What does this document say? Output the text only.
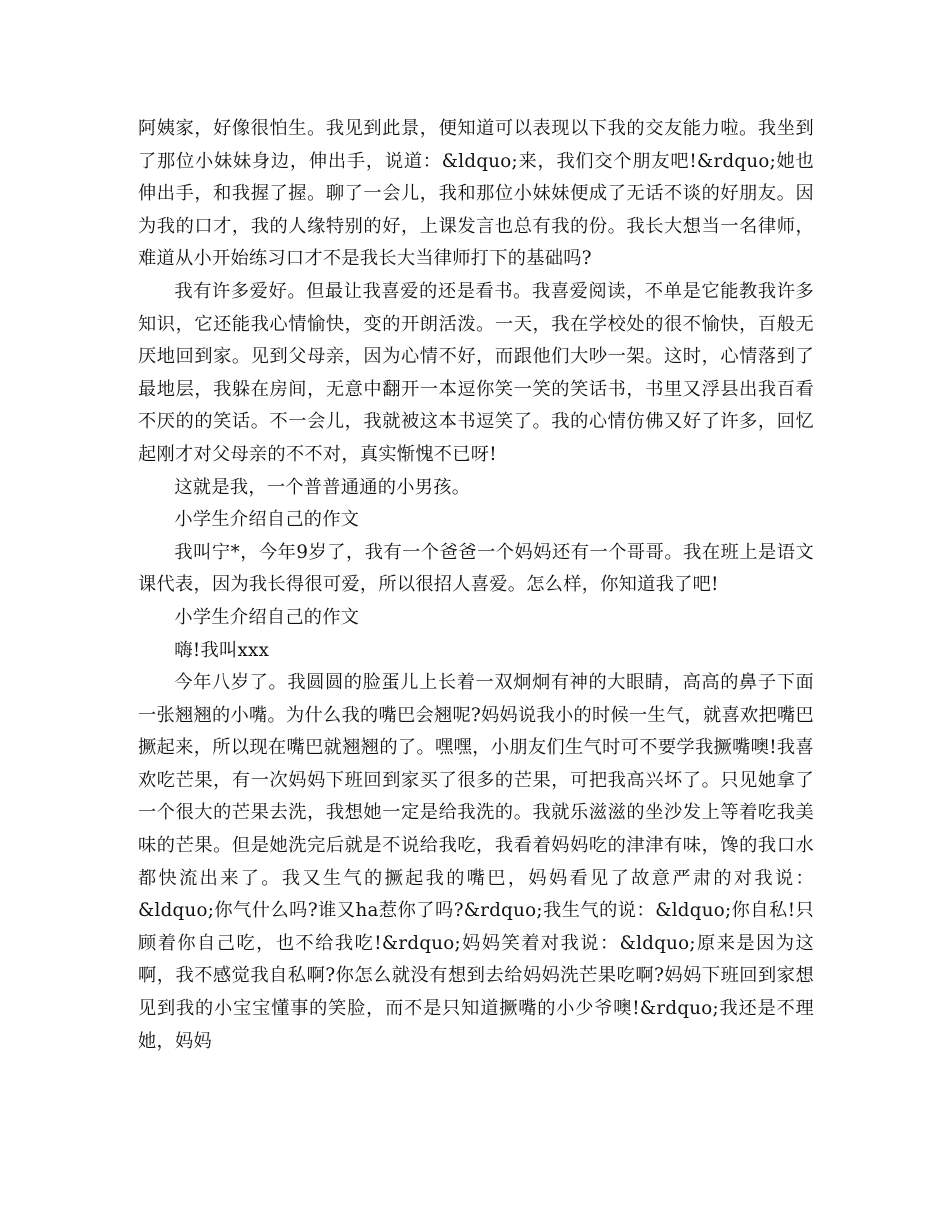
阿姨家，好像很怕生。我见到此景，便知道可以表现以下我的交友能力啦。我坐到了那位小妹妹身边，伸出手，说道：&ldquo;来，我们交个朋友吧!&rdquo;她也伸出手，和我握了握。聊了一会儿，我和那位小妹妹便成了无话不谈的好朋友。因为我的口才，我的人缘特别的好，上课发言也总有我的份。我长大想当一名律师，难道从小开始练习口才不是我长大当律师打下的基础吗?

我有许多爱好。但最让我喜爱的还是看书。我喜爱阅读，不单是它能教我许多知识，它还能我心情愉快，变的开朗活泼。一天，我在学校处的很不愉快，百般无厌地回到家。见到父母亲，因为心情不好，而跟他们大吵一架。这时，心情落到了最地层，我躲在房间，无意中翻开一本逗你笑一笑的笑话书，书里又浮县出我百看不厌的的笑话。不一会儿，我就被这本书逗笑了。我的心情仿佛又好了许多，回忆起刚才对父母亲的不不对，真实惭愧不已呀!

这就是我，一个普普通通的小男孩。

小学生介绍自己的作文

我叫宁*，今年9岁了，我有一个爸爸一个妈妈还有一个哥哥。我在班上是语文课代表，因为我长得很可爱，所以很招人喜爱。怎么样，你知道我了吧!

小学生介绍自己的作文

嗨!我叫xxx

今年八岁了。我圆圆的脸蛋儿上长着一双炯炯有神的大眼睛，高高的鼻子下面一张翘翘的小嘴。为什么我的嘴巴会翘呢?妈妈说我小的时候一生气，就喜欢把嘴巴撅起来，所以现在嘴巴就翘翘的了。嘿嘿，小朋友们生气时可不要学我撅嘴噢!我喜欢吃芒果，有一次妈妈下班回到家买了很多的芒果，可把我高兴坏了。只见她拿了一个很大的芒果去洗，我想她一定是给我洗的。我就乐滋滋的坐沙发上等着吃我美味的芒果。但是她洗完后就是不说给我吃，我看着妈妈吃的津津有味，馋的我口水都快流出来了。我又生气的撅起我的嘴巴，妈妈看见了故意严肃的对我说：&ldquo;你气什么吗?谁又ha惹你了吗?&rdquo;我生气的说：&ldquo;你自私!只顾着你自己吃，也不给我吃!&rdquo;妈妈笑着对我说：&ldquo;原来是因为这啊，我不感觉我自私啊?你怎么就没有想到去给妈妈洗芒果吃啊?妈妈下班回到家想见到我的小宝宝懂事的笑脸，而不是只知道撅嘴的小少爷噢!&rdquo;我还是不理她，妈妈
